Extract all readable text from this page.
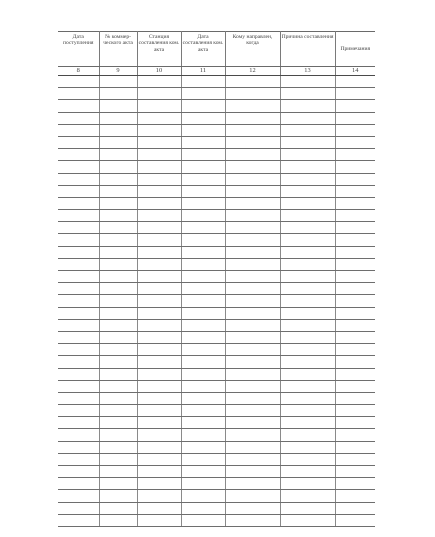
Дата поступления	№ коммер-ческого акта	Станция составления ком. акта	Дата составления ком. акта	Кому направлен, когда	Причина составления	Примечания
8	9	10	11	12	13	14
